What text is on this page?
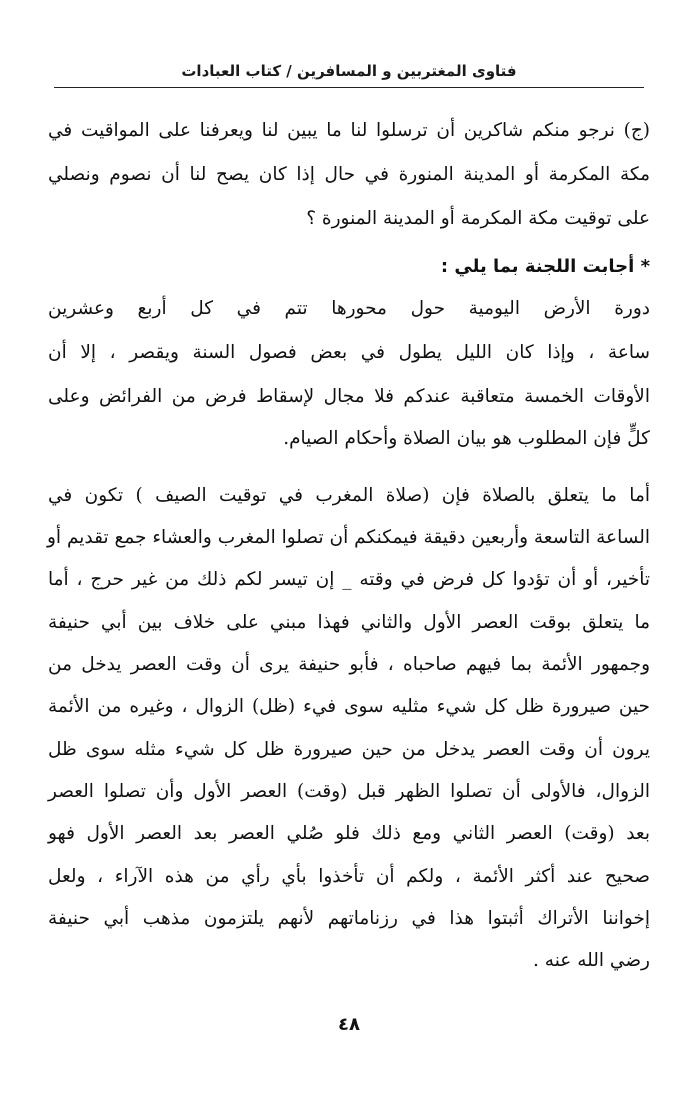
فتاوى المغتربين و المسافرين / كتاب العبادات
(ج) نرجو منكم شاكرين أن ترسلوا لنا ما يبين لنا ويعرفنا على المواقيت في
مكة المكرمة أو المدينة المنورة في حال إذا كان يصح لنا أن نصوم ونصلي
على توقيت مكة المكرمة أو المدينة المنورة ؟
* أجابت اللجنة بما يلي :
دورة الأرض اليومية حول محورها تتم في كل أربع وعشرين
ساعة ، وإذا كان الليل يطول في بعض فصول السنة ويقصر ، إلا أن
الأوقات الخمسة متعاقبة عندكم فلا مجال لإسقاط فرض من الفرائض وعلى
كلٍّ فإن المطلوب هو بيان الصلاة وأحكام الصيام.
أما ما يتعلق بالصلاة فإن (صلاة المغرب في توقيت الصيف ) تكون في
الساعة التاسعة وأربعين دقيقة فيمكنكم أن تصلوا المغرب والعشاء جمع تقديم أو
تأخير، أو أن تؤدوا كل فرض في وقته _ إن تيسر لكم ذلك من غير حرج ، أما
ما يتعلق بوقت العصر الأول والثاني فهذا مبني على خلاف بين أبي حنيفة
وجمهور الأئمة بما فيهم صاحباه ، فأبو حنيفة يرى أن وقت العصر يدخل من
حين صيرورة ظل كل شيء مثليه سوى فيء (ظل) الزوال ، وغيره من الأئمة
يرون أن وقت العصر يدخل من حين صيرورة ظل كل شيء مثله سوى ظل
الزوال، فالأولى أن تصلوا الظهر قبل (وقت) العصر الأول وأن تصلوا العصر
بعد (وقت) العصر الثاني ومع ذلك فلو صُلي العصر بعد العصر الأول فهو
صحيح عند أكثر الأئمة ، ولكم أن تأخذوا بأي رأي من هذه الآراء ، ولعل
إخواننا الأتراك أثبتوا هذا في رزناماتهم لأنهم يلتزمون مذهب أبي حنيفة
رضي الله عنه .
٤٨
